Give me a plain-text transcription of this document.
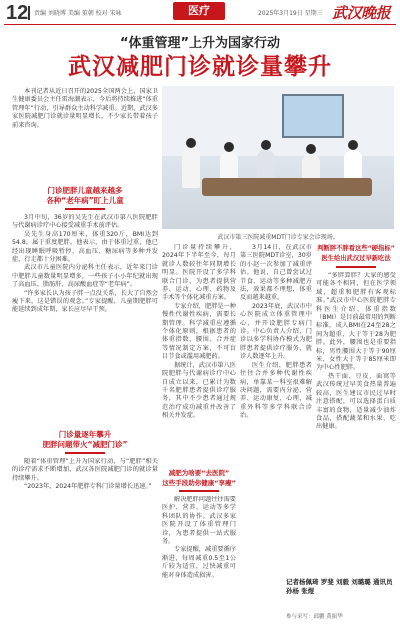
12 责编 刘晓博 美编 董朝 校对 宋咏	医疗	2025年3月19日 星期三 武汉晚报
“体重管理”上升为国家行动
武汉减肥门诊就诊量攀升
本刊记者从近日召开的2025全国两会上，国家卫生健康委员会主任雷海潮表示，今后将持续推进“体重管理年”行动，引导群众主动科学减重。近期，武汉多家医院减肥门诊就诊量明显增长，不少家长带着孩子前来咨询。
武汉市第三医院减重MDT门诊专家会诊现场。
门诊肥胖儿童越来越多
各种“老年病”盯上儿童

3月中旬，36岁的吴先生在武汉市第八医院肥胖与代谢病诊疗中心接受减重手术前评估。

吴先生身高170厘米，体重320斤，BMI达到54.8，属于重度肥胖。他表示，由于体重过重，他已经出现睡眠呼吸暂停、高血压、糖尿病等多种并发症，行走都十分困难。

武汉市儿童医院内分泌科主任表示，近年来门诊中肥胖儿童数量明显增多，一些孩子小小年纪就出现了高血压、脂肪肝、高尿酸血症等“老年病”。

“许多家长认为孩子胖一点没关系，长大了自然会瘦下来，这是错误的观念。”专家提醒，儿童期肥胖可能延续到成年期，家长应尽早干预。

门诊量逐年攀升
肥胖问题带火“减肥门诊”

随着“体重管理”上升为国家行动，与“肥胖”相关的诊疗需求不断增加，武汉各医院减肥门诊的就诊量持续攀升。

“2023年，2024年肥胖专科门诊量增长迅速。”

门诊量持续攀升，2024年下半年至今，每月就诊人数较往年同期增长明显。医院开设了多学科联合门诊，为患者提供营养、运动、心理、药物及手术等个体化减重方案。

专家介绍，肥胖是一种慢性代谢性疾病，需要长期管理。科学减重应遵循个体化原则，根据患者的体重指数、腰围、合并症等情况制定方案，不可盲目节食或滥用减肥药。

据统计，武汉市第八医院肥胖与代谢病诊疗中心自成立以来，已累计为数千名肥胖患者提供诊疗服务，其中不少患者通过规范治疗成功减重并改善了相关并发症。

减肥为啥要“去医院”
这些手段助你健康“享瘦”

解决肥胖问题往往需要医护、营养、运动等多学科团队的协作。武汉多家医院开设了体重管理门诊，为患者提供一站式服务。

专家提醒，减重要循序渐进，每周减重0.5至1公斤较为适宜，过快减重可能对身体造成损害。

3月14日，在武汉市第三医院MDT诊室，30岁的小赵一次参加了减重评估。他说，自己曾尝试过节食、运动等多种减肥方法，效果都不理想，体重反而越来越重。

2023年底，武汉市中心医院成立体重管理中心，并开设肥胖专病门诊。中心负责人介绍，门诊以多学科协作模式为肥胖患者提供诊疗服务，就诊人数逐年上升。

医生介绍，肥胖患者往往合并多种代谢性疾病，单靠某一科室很难解决问题，需要内分泌、营养、运动康复、心理、减重外科等多学科联合诊治。

判断胖不胖看这些“硬指标”
医生给出武汉过早新吃法

“多胖算胖？大家的感受可能各不相同，但在医学领域，超重和肥胖有客观标准。”武汉市中心医院肥胖专科医生介绍，体重指数（BMI）是目前最常用的判断标准，成人BMI在24至28之间为超重，大于等于28为肥胖。此外，腰围也是重要指标，男性腰围大于等于90厘米、女性大于等于85厘米即为中心性肥胖。

热干面、豆皮、面窝等武汉传统过早美食热量普遍较高，医生建议市民过早时注意搭配，可以选择蛋白质丰富的食物，适量减少油炸食品，搭配蔬菜和水果，吃出健康。

记者杨佩琦 罗斐 刘毅 刘璐璐 通讯员 孙杨 张煜
参与采写：邱鹏 黄振华
